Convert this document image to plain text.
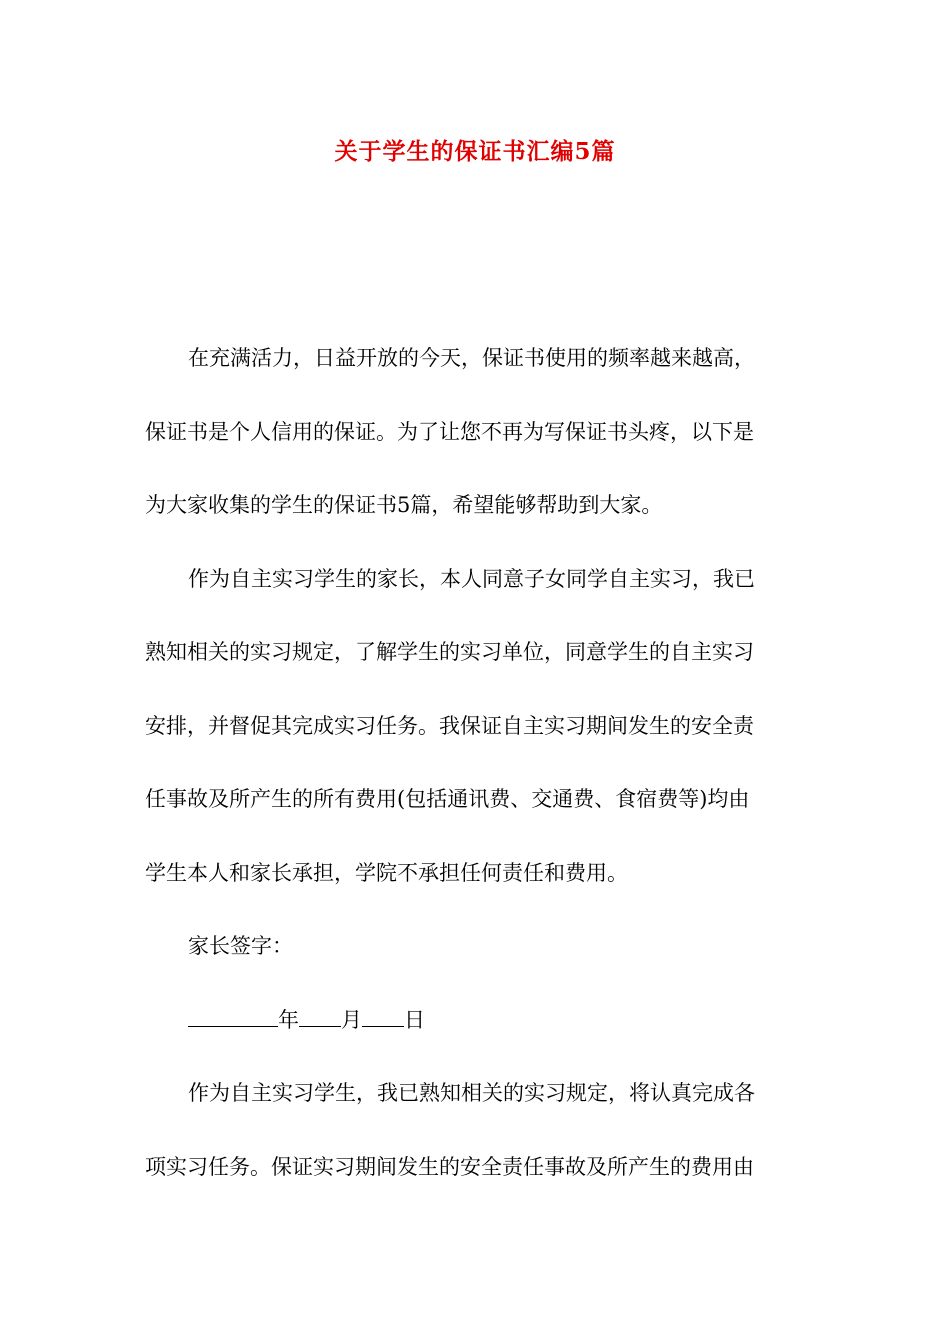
关于学生的保证书汇编5篇

在充满活力，日益开放的今天，保证书使用的频率越来越高，
保证书是个人信用的保证。为了让您不再为写保证书头疼，以下是
为大家收集的学生的保证书5篇，希望能够帮助到大家。

作为自主实习学生的家长，本人同意子女同学自主实习，我已
熟知相关的实习规定，了解学生的实习单位，同意学生的自主实习
安排，并督促其完成实习任务。我保证自主实习期间发生的安全责
任事故及所产生的所有费用(包括通讯费、交通费、食宿费等)均由
学生本人和家长承担，学院不承担任何责任和费用。

家长签字：

年 月 日

作为自主实习学生，我已熟知相关的实习规定，将认真完成各
项实习任务。保证实习期间发生的安全责任事故及所产生的费用由
